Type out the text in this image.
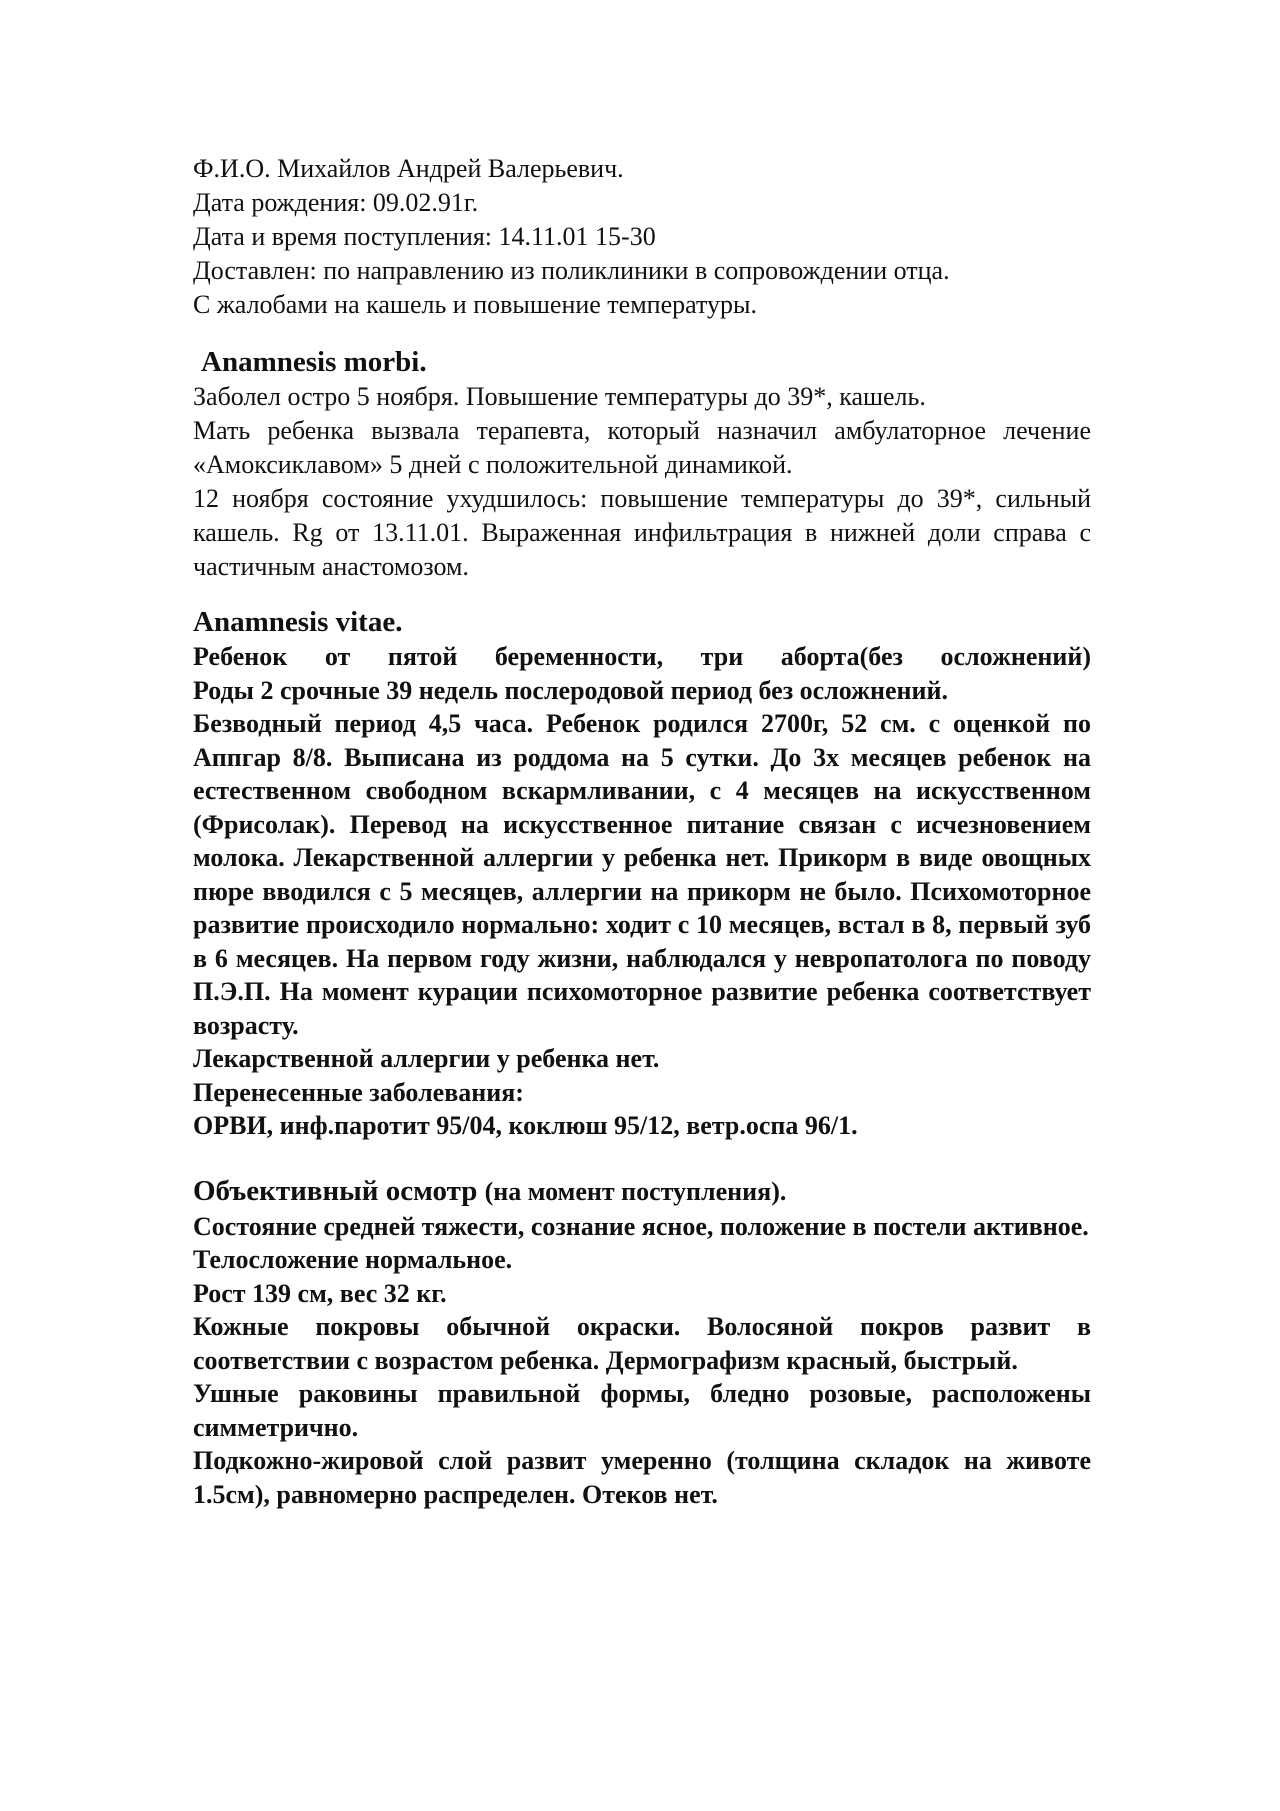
Ф.И.О. Михайлов Андрей Валерьевич.
Дата рождения: 09.02.91г.
Дата и время поступления: 14.11.01 15-30
Доставлен: по направлению из поликлиники в сопровождении отца.
С жалобами на кашель и повышение температуры.
Anamnesis morbi.
Заболел остро 5 ноября. Повышение температуры до 39*, кашель.
Мать ребенка вызвала терапевта, который назначил амбулаторное лечение «Амоксиклавом» 5 дней с положительной динамикой.
12 ноября состояние ухудшилось: повышение температуры до 39*, сильный кашель. Rg от 13.11.01. Выраженная инфильтрация в нижней доли справа с частичным анастомозом.
Anamnesis vitae.
Ребенок от пятой беременности, три аборта(без осложнений)
Роды 2 срочные 39 недель послеродовой период без осложнений.
Безводный период 4,5 часа. Ребенок родился 2700г, 52 см. с оценкой по Аппгар 8/8. Выписана из роддома на 5 сутки. До 3х месяцев ребенок на естественном свободном вскармливании, с 4 месяцев на искусственном (Фрисолак). Перевод на искусственное питание связан с исчезновением молока. Лекарственной аллергии у ребенка нет. Прикорм в виде овощных пюре вводился с 5 месяцев, аллергии на прикорм не было. Психомоторное развитие происходило нормально: ходит с 10 месяцев, встал в 8, первый зуб в 6 месяцев. На первом году жизни, наблюдался у невропатолога по поводу П.Э.П. На момент курации психомоторное развитие ребенка соответствует возрасту.
Лекарственной аллергии у ребенка нет.
Перенесенные заболевания:
ОРВИ, инф.паротит 95/04, коклюш 95/12, ветр.оспа 96/1.
Объективный осмотр (на момент поступления).
Состояние средней тяжести, сознание ясное, положение в постели активное.
Телосложение нормальное.
Рост 139 см, вес 32 кг.
Кожные покровы обычной окраски. Волосяной покров развит в соответствии с возрастом ребенка. Дермографизм красный, быстрый.
Ушные раковины правильной формы, бледно розовые, расположены симметрично.
Подкожно-жировой слой развит умеренно (толщина складок на животе 1.5см), равномерно распределен. Отеков нет.
